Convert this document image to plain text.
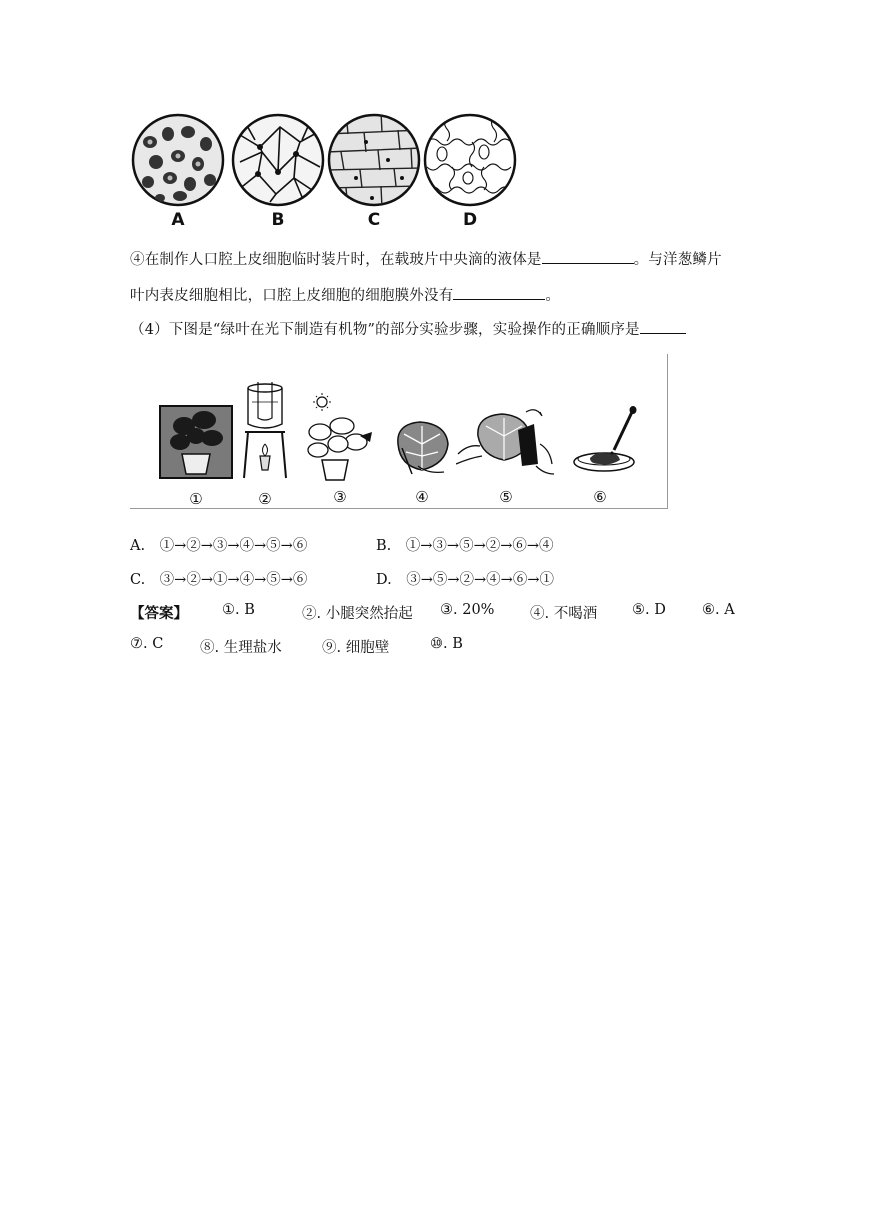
A	B	C	D
④在制作人口腔上皮细胞临时装片时，在载玻片中央滴的液体是	。与洋葱鳞片
叶内表皮细胞相比，口腔上皮细胞的细胞膜外没有	。
（4）下图是“绿叶在光下制造有机物”的部分实验步骤，实验操作的正确顺序是
①	②	③	④	⑤	⑥
A.　①→②→③→④→⑤→⑥	B.　①→③→⑤→②→⑥→④
C.　③→②→①→④→⑤→⑥	D.　③→⑤→②→④→⑥→①
【答案】 ①. B	②. 小腿突然抬起 ③. 20% ④. 不喝酒 ⑤. D ⑥. A
⑦. C	⑧. 生理盐水	⑨. 细胞壁	⑩. B
